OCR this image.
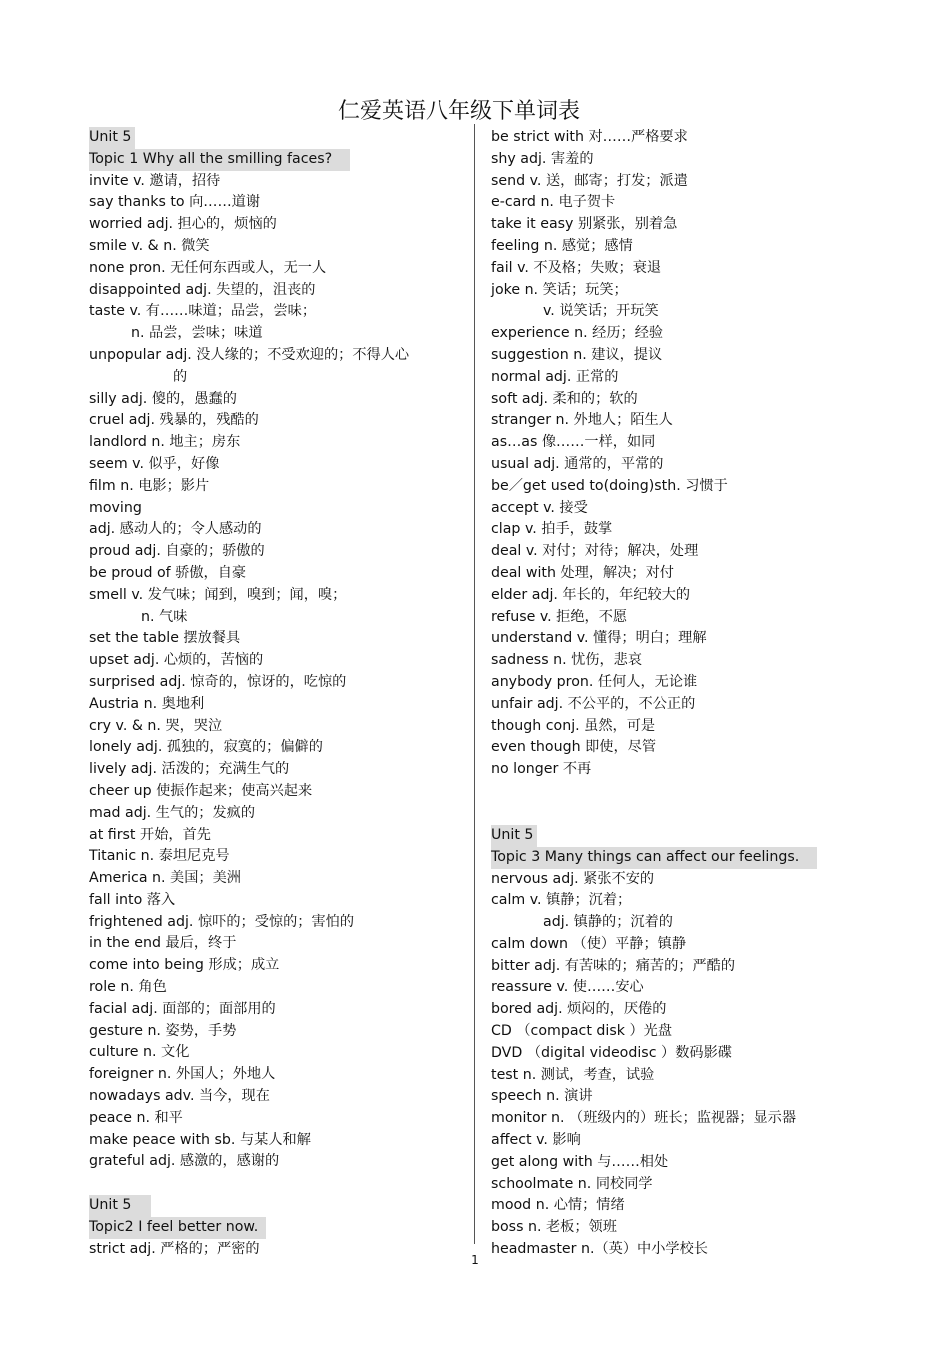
仁爱英语八年级下单词表
Unit 5
Topic 1 Why all the smilling faces?
invite v. 邀请，招待
say thanks to 向……道谢
worried adj. 担心的，烦恼的
smile v. & n. 微笑
none pron. 无任何东西或人，无一人
disappointed adj. 失望的，沮丧的
taste v. 有……味道；品尝，尝味；
n. 品尝，尝味；味道
unpopular adj. 没人缘的；不受欢迎的；不得人心
的
silly adj. 傻的，愚蠢的
cruel adj. 残暴的，残酷的
landlord n. 地主；房东
seem v. 似乎，好像
film n. 电影；影片
moving
adj. 感动人的；令人感动的
proud adj. 自豪的；骄傲的
be proud of 骄傲，自豪
smell v. 发气味；闻到，嗅到；闻，嗅；
n. 气味
set the table 摆放餐具
upset adj. 心烦的，苦恼的
surprised adj. 惊奇的，惊讶的，吃惊的
Austria n. 奥地利
cry v. & n. 哭，哭泣
lonely adj. 孤独的，寂寞的；偏僻的
lively adj. 活泼的；充满生气的
cheer up 使振作起来；使高兴起来
mad adj. 生气的；发疯的
at first 开始，首先
Titanic n. 泰坦尼克号
America n. 美国；美洲
fall into 落入
frightened adj. 惊吓的；受惊的；害怕的
in the end 最后，终于
come into being 形成；成立
role n. 角色
facial adj. 面部的；面部用的
gesture n. 姿势，手势
culture n. 文化
foreigner n. 外国人；外地人
nowadays adv. 当今，现在
peace n. 和平
make peace with sb. 与某人和解
grateful adj. 感激的，感谢的
Unit 5
Topic2 I feel better now.
strict adj. 严格的；严密的
be strict with 对……严格要求
shy adj. 害羞的
send v. 送，邮寄；打发；派遣
e-card n. 电子贺卡
take it easy 别紧张，别着急
feeling n. 感觉；感情
fail v. 不及格；失败；衰退
joke n. 笑话；玩笑；
v. 说笑话；开玩笑
experience n. 经历；经验
suggestion n. 建议，提议
normal adj. 正常的
soft adj. 柔和的；软的
stranger n. 外地人；陌生人
as…as 像……一样，如同
usual adj. 通常的，平常的
be／get used to(doing)sth. 习惯于
accept v. 接受
clap v. 拍手，鼓掌
deal v. 对付；对待；解决，处理
deal with 处理，解决；对付
elder adj. 年长的，年纪较大的
refuse v. 拒绝，不愿
understand v. 懂得；明白；理解
sadness n. 忧伤，悲哀
anybody pron. 任何人，无论谁
unfair adj. 不公平的，不公正的
though conj. 虽然，可是
even though 即使，尽管
no longer 不再
Unit 5
Topic 3 Many things can affect our feelings.
nervous adj. 紧张不安的
calm v. 镇静；沉着；
adj. 镇静的；沉着的
calm down （使）平静；镇静
bitter adj. 有苦味的；痛苦的；严酷的
reassure v. 使……安心
bored adj. 烦闷的，厌倦的
CD （compact disk ）光盘
DVD （digital videodisc ）数码影碟
test n. 测试，考查，试验
speech n. 演讲
monitor n. （班级内的）班长；监视器；显示器
affect v. 影响
get along with 与……相处
schoolmate n. 同校同学
mood n. 心情；情绪
boss n. 老板；领班
headmaster n.（英）中小学校长
1
